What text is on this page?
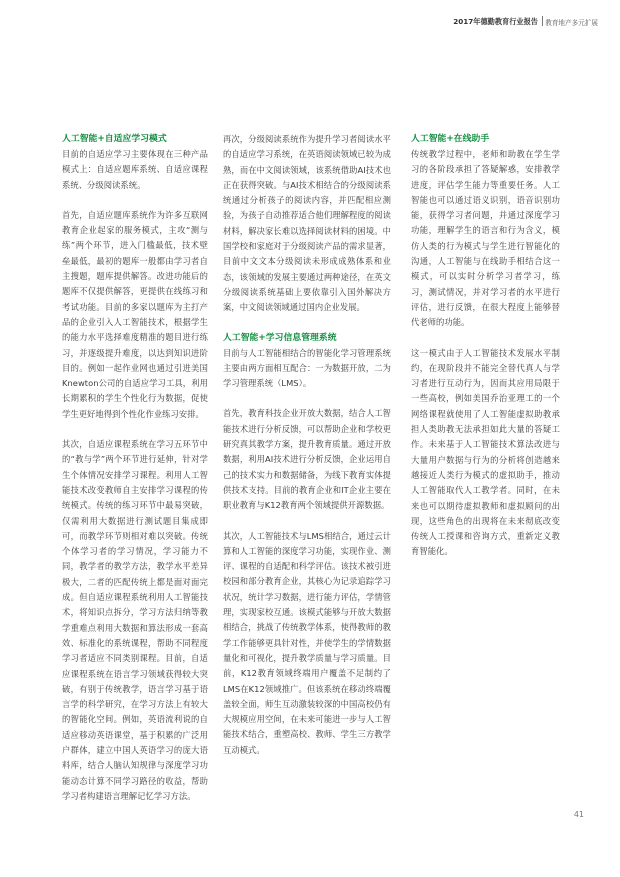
2017年德勤教育行业报告 教育地产多元扩展
人工智能+自适应学习模式

目前的自适应学习主要体现在三种产品模式上：自适应题库系统、自适应课程系统、分级阅读系统。

首先，自适应题库系统作为许多互联网教育企业起家的服务模式，主攻“测与练”两个环节，进入门槛最低，技术壁垒最低，最初的题库一般都由学习者自主搜题，题库提供解答。改进功能后的题库不仅提供解答，更提供在线练习和考试功能。目前的多家以题库为主打产品的企业引入人工智能技术，根据学生的能力水平选择难度精准的题目进行练习，并逐级提升难度，以达到知识进阶目的。例如一起作业网也通过引进美国Knewton公司的自适应学习工具，利用长期累积的学生个性化行为数据，促使学生更好地得到个性化作业练习安排。

其次，自适应课程系统在学习五环节中的“教与学”两个环节进行延伸，针对学生个体情况安排学习课程。利用人工智能技术改变教师自主安排学习课程的传统模式。传统的练习环节中最易突破，仅需利用大数据进行测试题目集成即可，而教学环节则相对难以突破。传统个体学习者的学习情况，学习能力不同，教学者的教学方法，教学水平差异极大，二者的匹配传统上都是面对面完成。但自适应课程系统利用人工智能技术，将知识点拆分，学习方法归纳等教学重难点利用大数据和算法形成一套高效、标准化的系统课程，帮助不同程度学习者适应不同类别课程。目前，自适应课程系统在语言学习领域获得较大突破，有别于传统教学，语言学习基于语言学的科学研究，在学习方法上有较大的智能化空间。例如，英语流利说的自适应移动英语课堂，基于积累的广泛用户群体，建立中国人英语学习的庞大语料库，结合人脑认知规律与深度学习功能动态计算不同学习路径的收益，帮助学习者构建语言理解记忆学习方法。

再次，分级阅读系统作为提升学习者阅读水平的自适应学习系统，在英语阅读领域已较为成熟，而在中文阅读领域，该系统借助AI技术也正在获得突破。与AI技术相结合的分级阅读系统通过分析孩子的阅读内容，并匹配相应测验，为孩子自动推荐适合他们理解程度的阅读材料，解决家长难以选择阅读材料的困境。中国学校和家庭对于分级阅读产品的需求显著，目前中文文本分级阅读未形成成熟体系和业态，该领域的发展主要通过两种途径，在英文分级阅读系统基础上要依靠引入国外解决方案，中文阅读领域通过国内企业发展。

人工智能+学习信息管理系统

目前与人工智能相结合的智能化学习管理系统主要由两方面相互配合：一为数据开放，二为学习管理系统（LMS）。

首先，教育科技企业开放大数据，结合人工智能技术进行分析反馈，可以帮助企业和学校更研究真其教学方案，提升教育质量。通过开放数据，利用AI技术进行分析反馈，企业运用自己的技术实力和数据储备，为线下教育实体提供技术支持。目前的教育企业和IT企业主要在职业教育与K12教育两个领域提供开源数据。

其次，人工智能技术与LMS相结合，通过云计算和人工智能的深度学习功能，实现作业、测评、课程的自适配和科学评估。该技术被引进校园和部分教育企业，其核心为记录追踪学习状况，统计学习数据，进行能力评估，学情管理，实现家校互通。该模式能够与开放大数据相结合，挑战了传统教学体系，使得教师的教学工作能够更具针对性，并使学生的学情数据量化和可视化，提升教学质量与学习质量。目前，K12教育领域终端用户覆盖不足制约了LMS在K12领域推广。但该系统在移动终端覆盖较全面，师生互动激装较深的中国高校仍有大规模应用空间，在未来可能进一步与人工智能技术结合，重塑高校、教师、学生三方教学互动模式。

人工智能+在线助手

传统教学过程中，老师和助教在学生学习的各阶段承担了答疑解惑，安排教学进度，评估学生能力等重要任务。人工智能也可以通过语义识别，语音识别功能，获得学习者问题，并通过深度学习功能，理解学生的语言和行为含义，模仿人类的行为模式与学生进行智能化的沟通，人工智能与在线助手相结合这一模式，可以实时分析学习者学习，练习，测试情况，并对学习者的水平进行评估，进行反馈，在很大程度上能够替代老师的功能。

这一模式由于人工智能技术发展水平制约，在现阶段并不能完全替代真人与学习者进行互动行为，因而其应用局限于一些高校，例如美国乔治亚理工的一个网络课程就使用了人工智能虚拟助教承担人类助教无法承担如此大量的答疑工作。未来基于人工智能技术算法改进与大量用户数据与行为的分析将创造越来越接近人类行为模式的虚拟助手，推动人工智能取代人工教学者。同时，在未来也可以期待虚拟教师和虚拟顾问的出现，这些角色的出现将在未来彻底改变传统人工授课和咨询方式，重新定义教育智能化。

41
